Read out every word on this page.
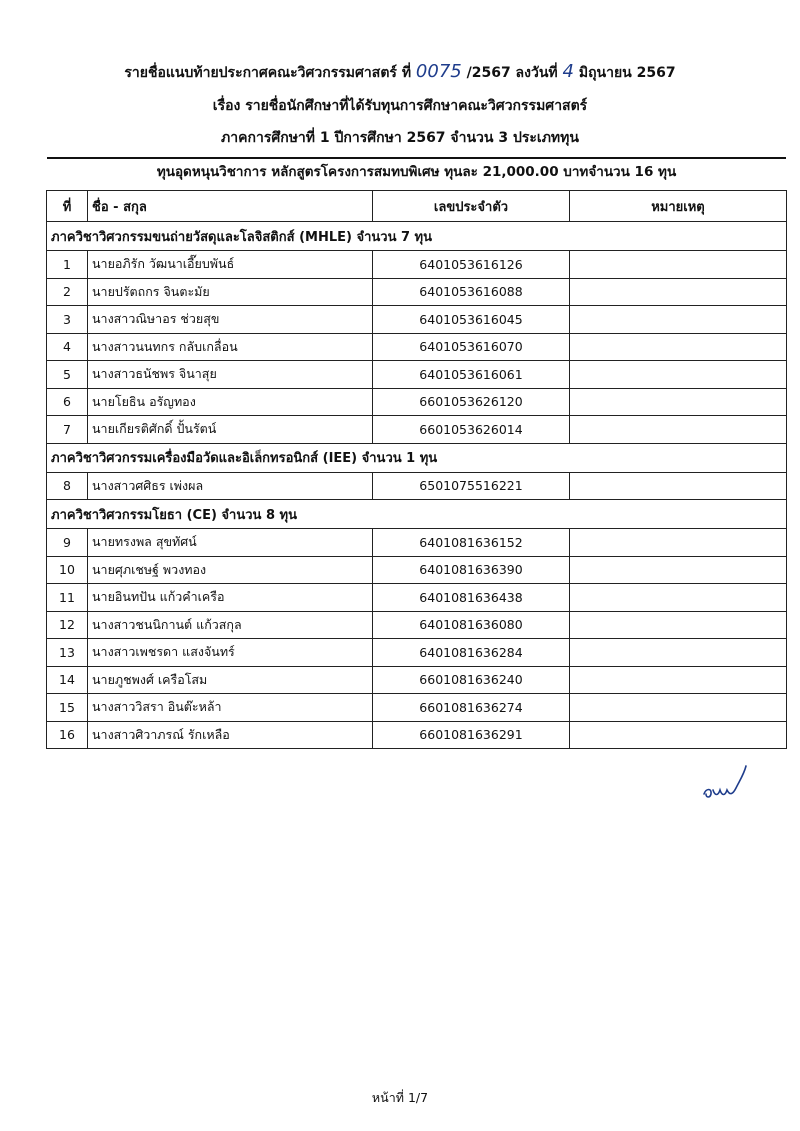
รายชื่อแนบท้ายประกาศคณะวิศวกรรมศาสตร์ ที่ 0075 /2567 ลงวันที่ 4 มิถุนายน 2567
เรื่อง รายชื่อนักศึกษาที่ได้รับทุนการศึกษาคณะวิศวกรรมศาสตร์
ภาคการศึกษาที่ 1 ปีการศึกษา 2567 จำนวน 3 ประเภททุน
ทุนอุดหนุนวิชาการ หลักสูตรโครงการสมทบพิเศษ ทุนละ 21,000.00 บาทจำนวน 16 ทุน
ที่	ชื่อ - สกุล	เลขประจำตัว	หมายเหตุ
ภาควิชาวิศวกรรมขนถ่ายวัสดุและโลจิสติกส์ (MHLE) จำนวน 7 ทุน			
1	นายอภิรัก วัฒนาเอี๊ยบพันธ์	6401053616126	
2	นายปรัตถกร จินตะมัย	6401053616088	
3	นางสาวณิษาอร ช่วยสุข	6401053616045	
4	นางสาวนนทกร กลับเกลื่อน	6401053616070	
5	นางสาวธนัชพร จินาสุย	6401053616061	
6	นายโยธิน อรัญทอง	6601053626120	
7	นายเกียรติศักดิ์ ปั้นรัตน์	6601053626014	
ภาควิชาวิศวกรรมเครื่องมือวัดและอิเล็กทรอนิกส์ (IEE) จำนวน 1 ทุน			
8	นางสาวศศิธร เพ่งผล	6501075516221	
ภาควิชาวิศวกรรมโยธา (CE) จำนวน 8 ทุน			
9	นายทรงพล สุขทัศน์	6401081636152	
10	นายศุภเชษฐ์ พวงทอง	6401081636390	
11	นายอินทปัน แก้วคำเครือ	6401081636438	
12	นางสาวชนนิกานต์ แก้วสกุล	6401081636080	
13	นางสาวเพชรดา แสงจันทร์	6401081636284	
14	นายภูชพงศ์ เครือโสม	6601081636240	
15	นางสาววิสรา อินต๊ะหล้า	6601081636274	
16	นางสาวศิวาภรณ์ รักเหลือ	6601081636291	
หน้าที่ 1/7
